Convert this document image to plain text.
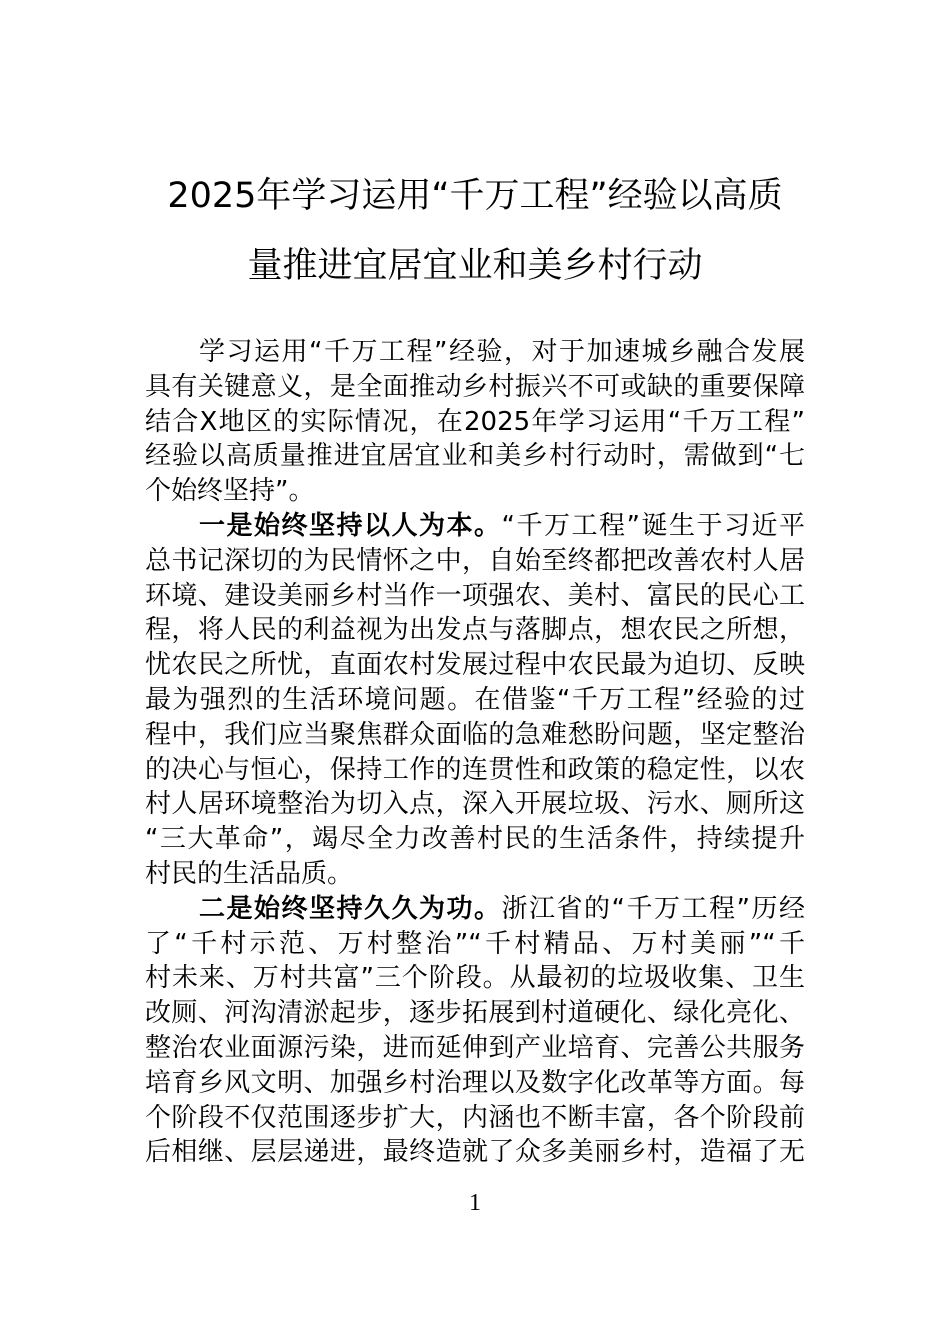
2025年学习运用“千万工程”经验以高质
量推进宜居宜业和美乡村行动
学习运用“千万工程”经验，对于加速城乡融合发展
具有关键意义，是全面推动乡村振兴不可或缺的重要保障
结合X地区的实际情况，在2025年学习运用“千万工程”
经验以高质量推进宜居宜业和美乡村行动时，需做到“七
个始终坚持”。
一是始终坚持以人为本。“千万工程”诞生于习近平
总书记深切的为民情怀之中，自始至终都把改善农村人居
环境、建设美丽乡村当作一项强农、美村、富民的民心工
程，将人民的利益视为出发点与落脚点，想农民之所想，
忧农民之所忧，直面农村发展过程中农民最为迫切、反映
最为强烈的生活环境问题。在借鉴“千万工程”经验的过
程中，我们应当聚焦群众面临的急难愁盼问题，坚定整治
的决心与恒心，保持工作的连贯性和政策的稳定性，以农
村人居环境整治为切入点，深入开展垃圾、污水、厕所这
“三大革命”，竭尽全力改善村民的生活条件，持续提升
村民的生活品质。
二是始终坚持久久为功。浙江省的“千万工程”历经
了“千村示范、万村整治”“千村精品、万村美丽”“千
村未来、万村共富”三个阶段。从最初的垃圾收集、卫生
改厕、河沟清淤起步，逐步拓展到村道硬化、绿化亮化、
整治农业面源污染，进而延伸到产业培育、完善公共服务
培育乡风文明、加强乡村治理以及数字化改革等方面。每
个阶段不仅范围逐步扩大，内涵也不断丰富，各个阶段前
后相继、层层递进，最终造就了众多美丽乡村，造福了无
1
